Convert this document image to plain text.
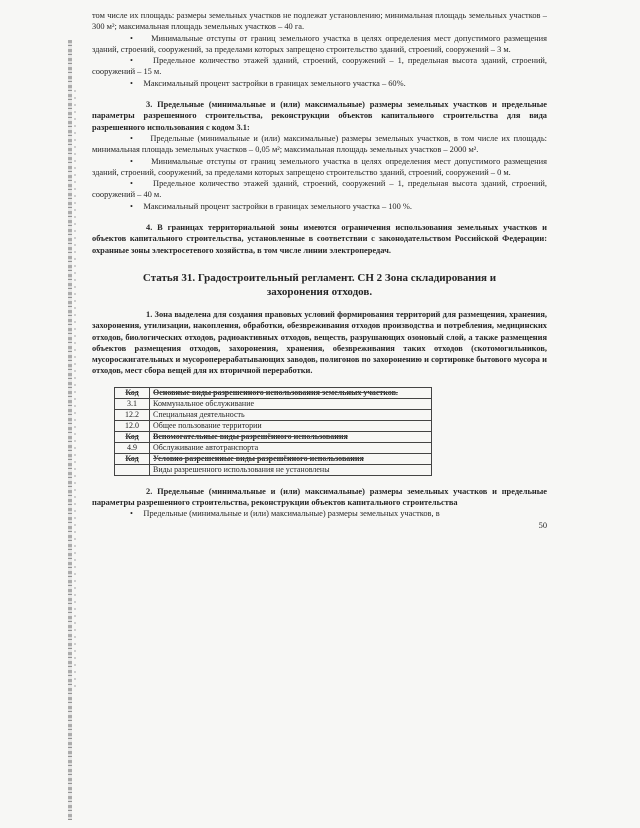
том числе их площадь: размеры земельных участков не подлежат установлению; минимальная площадь земельных участков – 300 м²; максимальная площадь земельных участков – 40 га.

•     Минимальные отступы от границ земельного участка в целях определения мест допустимого размещения зданий, строений, сооружений, за пределами которых запрещено строительство зданий, строений, сооружений – 3 м.

•     Предельное количество этажей зданий, строений, сооружений – 1, предельная высота зданий, строений, сооружений – 15 м.

•     Максимальный процент застройки в границах земельного участка – 60%.

3. Предельные (минимальные и (или) максимальные) размеры земельных участков и предельные параметры разрешенного строительства, реконструкции объектов капитального строительства для вида разрешенного использования с кодом 3.1:

•     Предельные (минимальные и (или) максимальные) размеры земельных участков, в том числе их площадь: минимальная площадь земельных участков – 0,05 м²; максимальная площадь земельных участков – 2000 м².

•     Минимальные отступы от границ земельного участка в целях определения мест допустимого размещения зданий, строений, сооружений, за пределами которых запрещено строительство зданий, строений, сооружений – 0 м.

•     Предельное количество этажей зданий, строений, сооружений – 1, предельная высота зданий, строений, сооружений – 40 м.

•     Максимальный процент застройки в границах земельного участка – 100 %.

4. В границах территориальной зоны имеются ограничения использования земельных участков и объектов капитального строительства, установленные в соответствии с законодательством Российской Федерации: охранные зоны электросетевого хозяйства, в том числе линии электропередач.

Статья 31. Градостроительный регламент. СН 2 Зона складирования и захоронения отходов.

1. Зона выделена для создания правовых условий формирования территорий для размещения, хранения, захоронения, утилизации, накопления, обработки, обезвреживания отходов производства и потребления, медицинских отходов, биологических отходов, радиоактивных отходов, веществ, разрушающих озоновый слой, а также размещения объектов размещения отходов, захоронения, хранения, обезвреживания таких отходов (скотомогильников, мусоросжигательных и мусороперерабатывающих заводов, полигонов по захоронению и сортировке бытового мусора и отходов, мест сбора вещей для их вторичной переработки.

Код	Основные виды разрешенного использования земельных участков.
3.1	Коммунальное обслуживание
12.2	Специальная деятельность
12.0	Общее пользование территории
Код	Вспомогательные виды разрешённого использования
4.9	Обслуживание автотранспорта
Код	Условно разрешенные виды разрешённого использования
	Виды разрешенного использования не установлены

2. Предельные (минимальные и (или) максимальные) размеры земельных участков и предельные параметры разрешенного строительства, реконструкции объектов капитального строительства

•     Предельные (минимальные и (или) максимальные) размеры земельных участков, в

50
